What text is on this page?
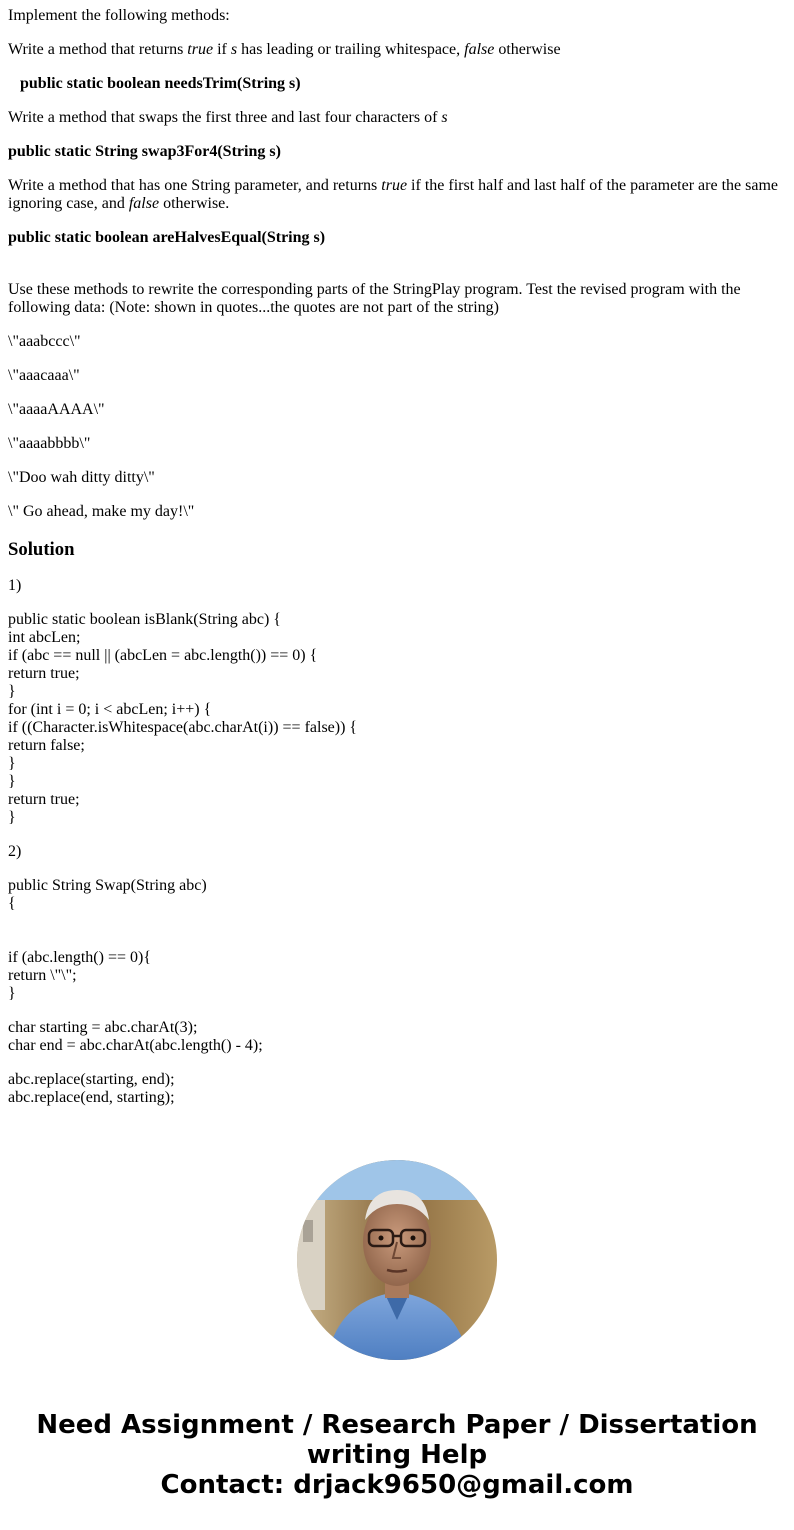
Implement the following methods:

Write a method that returns true if s has leading or trailing whitespace, false otherwise

public static boolean needsTrim(String s)

Write a method that swaps the first three and last four characters of s

public static String swap3For4(String s)

Write a method that has one String parameter, and returns true if the first half and last half of the parameter are the same ignoring case, and false otherwise.

public static boolean areHalvesEqual(String s)

Use these methods to rewrite the corresponding parts of the StringPlay program. Test the revised program with the following data: (Note: shown in quotes...the quotes are not part of the string)

\"aaabccc\"

\"aaacaaa\"

\"aaaaAAAA\"

\"aaaabbbb\"

\"Doo wah ditty ditty\"

\" Go ahead, make my day!\"

Solution

1)

public static boolean isBlank(String abc) {
int abcLen;
if (abc == null || (abcLen = abc.length()) == 0) {
return true;
}
for (int i = 0; i < abcLen; i++) {
if ((Character.isWhitespace(abc.charAt(i)) == false)) {
return false;
}
}
return true;
}

2)

public String Swap(String abc)
{
if (abc.length() == 0){
return \"\";
}

char starting = abc.charAt(3);
char end = abc.charAt(abc.length() - 4);

abc.replace(starting, end);
abc.replace(end, starting);

Need Assignment / Research Paper / Dissertation
writing Help
Contact: drjack9650@gmail.com
